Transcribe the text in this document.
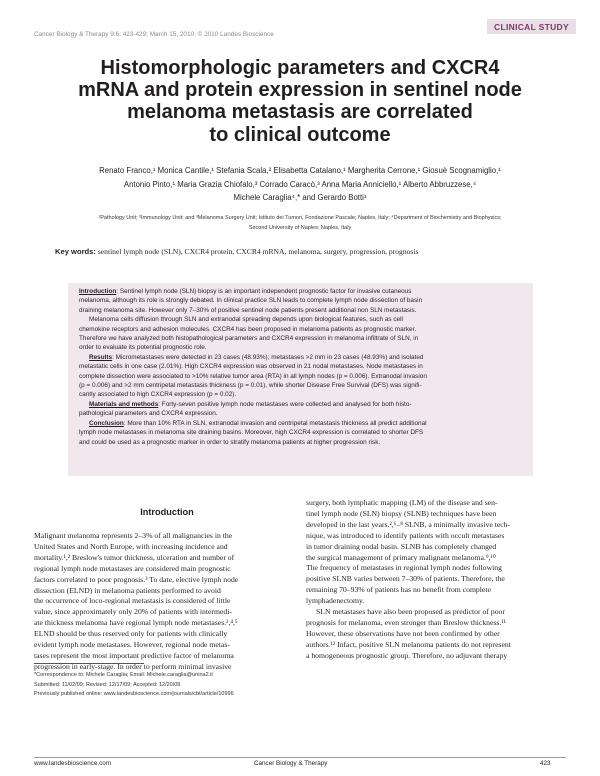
CLINICAL STUDY
Cancer Biology & Therapy 9:6, 423-429; March 15, 2010; © 2010 Landes Bioscience
Histomorphologic parameters and CXCR4
mRNA and protein expression in sentinel node
melanoma metastasis are correlated
to clinical outcome
Renato Franco,¹ Monica Cantile,¹ Stefania Scala,² Elisabetta Catalano,¹ Margherita Cerrone,¹ Giosuè Scognamiglio,¹
Antonio Pinto,¹ Maria Grazia Chiofalo,³ Corrado Caracò,³ Anna Maria Anniciello,¹ Alberto Abbruzzese,⁴
Michele Caraglia⁴,* and Gerardo Botti¹
¹Pathology Unit; ²Immunology Unit; and ³Melanoma Surgery Unit; Istituto dei Tumori, Fondazione Pascale; Naples, Italy; ⁴Department of Biochemistry and Biophysics;
Second University of Naples; Naples, Italy
Key words: sentinel lymph node (SLN), CXCR4 protein, CXCR4 mRNA, melanoma, surgery, progression, prognosis
Introduction: Sentinel lymph node (SLN) biopsy is an important independent prognostic factor for invasive cutaneous
melanoma, although its role is strongly debated. In clinical practice SLN leads to complete lymph node dissection of basin
draining melanoma site. However only 7–30% of positive sentinel node patients present additional non SLN metastasis.
Melanoma cells diffusion through SLN and extranodal spreading depends upon biological features, such as cell
chemokine receptors and adhesion molecules. CXCR4 has been proposed in melanoma patients as prognostic marker.
Therefore we have analyzed both histopathological parameters and CXCR4 expression in melanoma infiltrate of SLN, in
order to evaluate its potential prognostic role.
Results: Micrometastases were detected in 23 cases (48.93%); metastases >2 mm in 23 cases (48.93%) and isolated
metastatic cells in one case (2.01%). High CXCR4 expression was observed in 21 nodal metastases. Node metastases in
complete dissection were associated to >10% relative tumor area (RTA) in all lymph nodes (p = 0.006). Extranodal invasion
(p = 0.006) and >2 mm centripetal metastasis thickness (p = 0.01), while shorter Disease Free Survival (DFS) was signifi-
cantly associated to high CXCR4 expression (p = 0.02).
Materials and methods: Forty-seven positive lymph node metastases were collected and analysed for both histo-
pathological parameters and CXCR4 expression.
Conclusion: More than 10% RTA in SLN, extranodal invasion and centripetal metastasis thickness all predict additional
lymph node metastases in melanoma site draining basins. Moreover, high CXCR4 expression is correlated to shorter DFS
and could be used as a prognostic marker in order to stratify melanoma patients at higher progression risk.
Introduction
Malignant melanoma represents 2–3% of all malignancies in the
United States and North Europe, with increasing incidence and
mortality.¹,² Breslow's tumor thickness, ulceration and number of
regional lymph node metastases are considered main prognostic
factors correlated to poor prognosis.³ To date, elective lymph node
dissection (ELND) in melanoma patients performed to avoid
the occurrence of loco-regional metastasis is considered of little
value, since approximately only 20% of patients with intermedi-
ate thickness melanoma have regional lymph node metastases.²,⁴,⁵
ELND should be thus reserved only for patients with clinically
evident lymph node metastases. However, regional node metas-
tases represent the most important predictive factor of melanoma
progression in early-stage. In order to perform minimal invasive
surgery, both lymphatic mapping (LM) of the disease and sen-
tinel lymph node (SLN) biopsy (SLNB) techniques have been
developed in the last years.²,⁶–⁸ SLNB, a minimally invasive tech-
nique, was introduced to identify patients with occult metastases
in tumor draining nodal basin. SLNB has completely changed
the surgical management of primary malignant melanoma.⁹,¹⁰
The frequency of metastases in regional lymph nodes following
positive SLNB varies between 7–30% of patients. Therefore, the
remaining 70–93% of patients has no benefit from complete
lymphadenectomy.
SLN metastases have also been proposed as predictor of poor
prognosis for melanoma, even stronger than Breslow thickness.¹¹
However, these observations have not been confirmed by other
authors.¹² Infact, positive SLN melanoma patients do not represent
a homogeneous prognostic group. Therefore, no adjuvant therapy
*Correspondence to: Michele Caraglia; Email: Michele.caraglia@unina2.it
Submitted: 11/02/09; Revised: 12/17/09; Accepted: 12/20/09
Previously published online: www.landesbioscience.com/journals/cbt/article/10996
www.landesbioscience.com	Cancer Biology & Therapy	423
